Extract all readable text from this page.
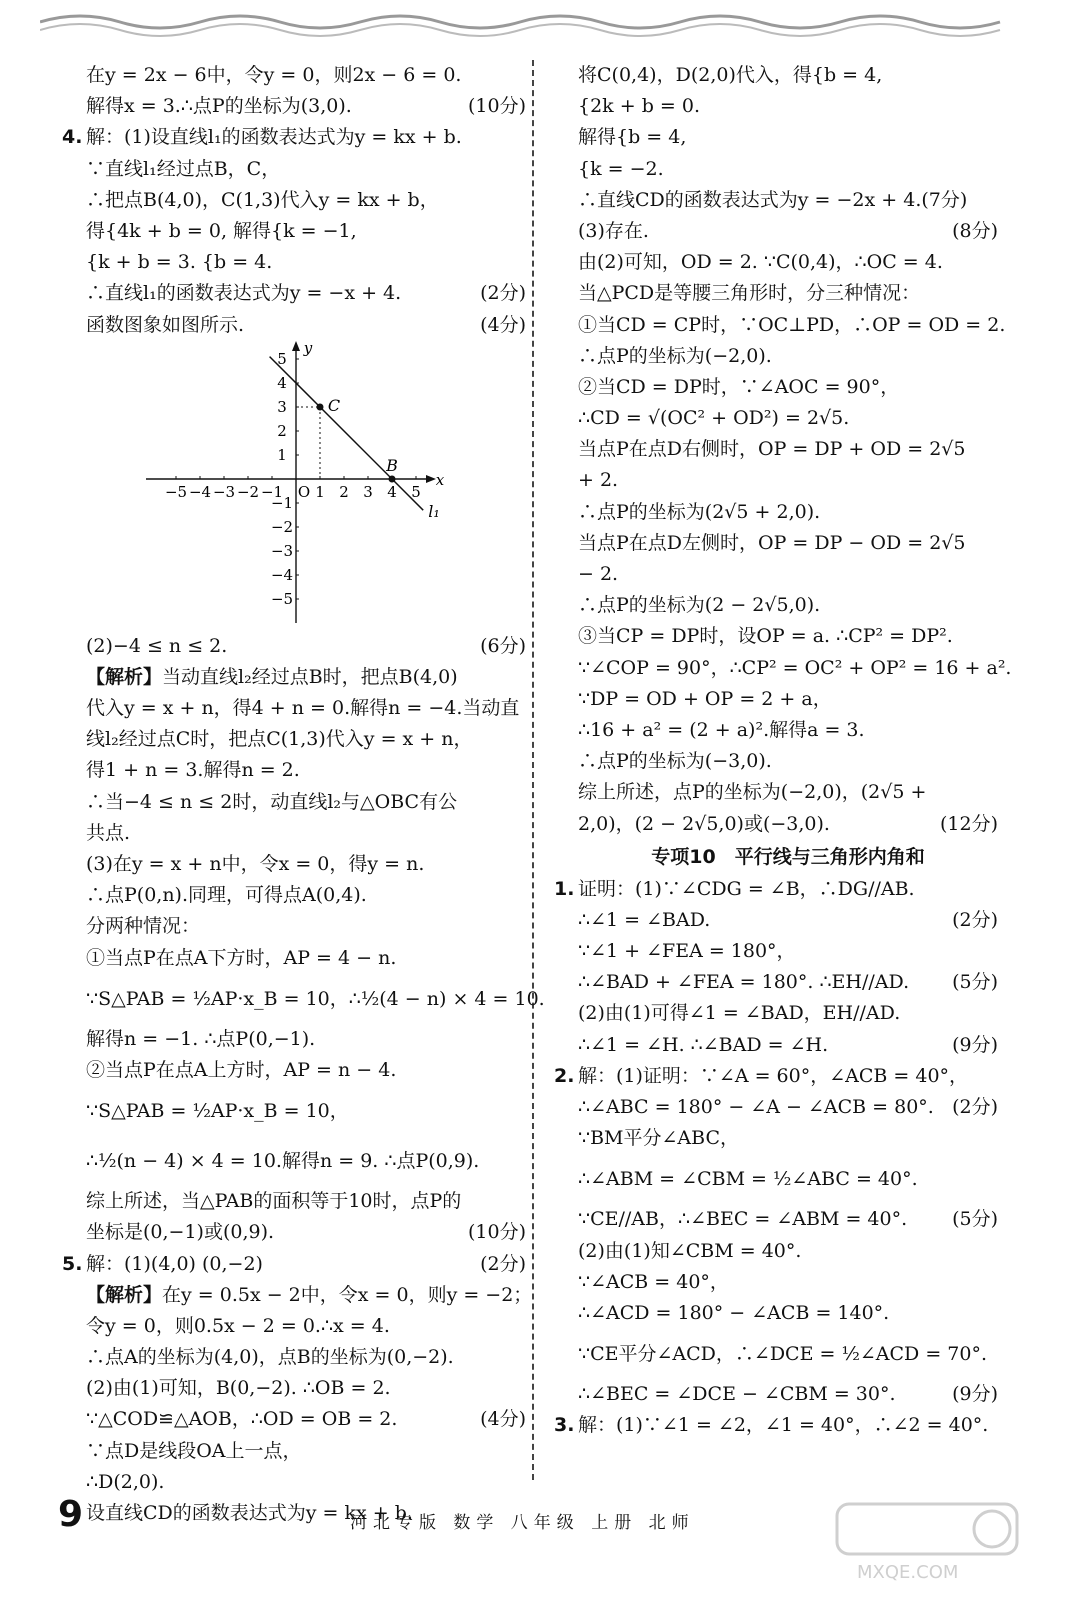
在y = 2x − 6中，令y = 0，则2x − 6 = 0.
解得x = 3.∴点P的坐标为(3,0).	(10分)
4. 解：(1)设直线l₁的函数表达式为y = kx + b.
∵直线l₁经过点B，C，
∴把点B(4,0)，C(1,3)代入y = kx + b，
得{4k + b = 0, 解得{k = −1,
{k + b = 3. {b = 4.
∴直线l₁的函数表达式为y = −x + 4.	(2分)
函数图象如图所示.	(4分)
x
y
−5 −4 −3 −2 −1 O 1 2 3 4 5
5
4
3
2
1
−1
−2
−3
−4
−5
C
B
l₁
(2)−4 ≤ n ≤ 2.	(6分)
【解析】当动直线l₂经过点B时，把点B(4,0)
代入y = x + n，得4 + n = 0.解得n = −4.当动直
线l₂经过点C时，把点C(1,3)代入y = x + n，
得1 + n = 3.解得n = 2.
∴当−4 ≤ n ≤ 2时，动直线l₂与△OBC有公
共点.
(3)在y = x + n中，令x = 0，得y = n.
∴点P(0,n).同理，可得点A(0,4).
分两种情况：
①当点P在点A下方时，AP = 4 − n.
∵S△PAB = ½AP·x_B = 10，∴½(4 − n) × 4 = 10.
解得n = −1. ∴点P(0,−1).
②当点P在点A上方时，AP = n − 4.
∵S△PAB = ½AP·x_B = 10，
∴½(n − 4) × 4 = 10.解得n = 9. ∴点P(0,9).
综上所述，当△PAB的面积等于10时，点P的
坐标是(0,−1)或(0,9).	(10分)
5. 解：(1)(4,0) (0,−2)	(2分)
【解析】在y = 0.5x − 2中，令x = 0，则y = −2；
令y = 0，则0.5x − 2 = 0.∴x = 4.
∴点A的坐标为(4,0)，点B的坐标为(0,−2).
(2)由(1)可知，B(0,−2). ∴OB = 2.
∵△COD≌△AOB，∴OD = OB = 2.	(4分)
∵点D是线段OA上一点，
∴D(2,0).
设直线CD的函数表达式为y = kx + b.
将C(0,4)，D(2,0)代入，得{b = 4,
{2k + b = 0.
解得{b = 4,
{k = −2.
∴直线CD的函数表达式为y = −2x + 4.(7分)
(3)存在.	(8分)
由(2)可知，OD = 2. ∵C(0,4)，∴OC = 4.
当△PCD是等腰三角形时，分三种情况：
①当CD = CP时，∵OC⊥PD，∴OP = OD = 2.
∴点P的坐标为(−2,0).
②当CD = DP时，∵∠AOC = 90°，
∴CD = √(OC² + OD²) = 2√5.
当点P在点D右侧时，OP = DP + OD = 2√5
+ 2.
∴点P的坐标为(2√5 + 2,0).
当点P在点D左侧时，OP = DP − OD = 2√5
− 2.
∴点P的坐标为(2 − 2√5,0).
③当CP = DP时，设OP = a. ∴CP² = DP².
∵∠COP = 90°，∴CP² = OC² + OP² = 16 + a².
∵DP = OD + OP = 2 + a，
∴16 + a² = (2 + a)².解得a = 3.
∴点P的坐标为(−3,0).
综上所述，点P的坐标为(−2,0)，(2√5 +
2,0)，(2 − 2√5,0)或(−3,0).	(12分)
专项10　平行线与三角形内角和
1. 证明：(1)∵∠CDG = ∠B，∴DG//AB.
∴∠1 = ∠BAD.	(2分)
∵∠1 + ∠FEA = 180°，
∴∠BAD + ∠FEA = 180°. ∴EH//AD. (5分)
(2)由(1)可得∠1 = ∠BAD，EH//AD.
∴∠1 = ∠H. ∴∠BAD = ∠H.	(9分)
2. 解：(1)证明：∵∠A = 60°，∠ACB = 40°，
∴∠ABC = 180° − ∠A − ∠ACB = 80°. (2分)
∵BM平分∠ABC，
∴∠ABM = ∠CBM = ½∠ABC = 40°.
∵CE//AB，∴∠BEC = ∠ABM = 40°. (5分)
(2)由(1)知∠CBM = 40°.
∵∠ACB = 40°，
∴∠ACD = 180° − ∠ACB = 140°.
∵CE平分∠ACD，∴∠DCE = ½∠ACD = 70°.
∴∠BEC = ∠DCE − ∠CBM = 30°.	(9分)
3. 解：(1)∵∠1 = ∠2，∠1 = 40°，∴∠2 = 40°.
9	河北专版 数学 八年级 上册 北师
MXQE.COM
